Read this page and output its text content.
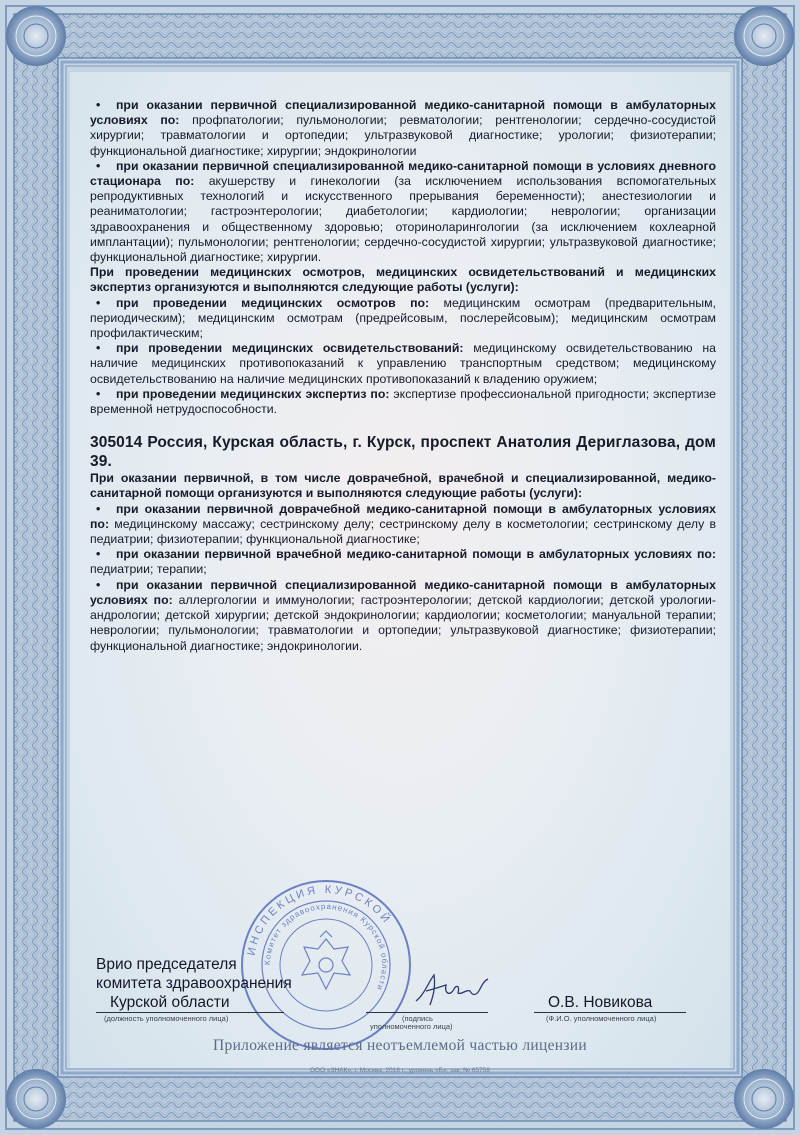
• при оказании первичной специализированной медико-санитарной помощи в амбулаторных условиях по: профпатологии; пульмонологии; ревматологии; рентгенологии; сердечно-сосудистой хирургии; травматологии и ортопедии; ультразвуковой диагностике; урологии; физиотерапии; функциональной диагностике; хирургии; эндокринологии

• при оказании первичной специализированной медико-санитарной помощи в условиях дневного стационара по: акушерству и гинекологии (за исключением использования вспомогательных репродуктивных технологий и искусственного прерывания беременности); анестезиологии и реаниматологии; гастроэнтерологии; диабетологии; кардиологии; неврологии; организации здравоохранения и общественному здоровью; оториноларингологии (за исключением кохлеарной имплантации); пульмонологии; рентгенологии; сердечно-сосудистой хирургии; ультразвуковой диагностике; функциональной диагностике; хирургии.

При проведении медицинских осмотров, медицинских освидетельствований и медицинских экспертиз организуются и выполняются следующие работы (услуги):

• при проведении медицинских осмотров по: медицинским осмотрам (предварительным, периодическим); медицинским осмотрам (предрейсовым, послерейсовым); медицинским осмотрам профилактическим;

• при проведении медицинских освидетельствований: медицинскому освидетельствованию на наличие медицинских противопоказаний к управлению транспортным средством; медицинскому освидетельствованию на наличие медицинских противопоказаний к владению оружием;

• при проведении медицинских экспертиз по: экспертизе профессиональной пригодности; экспертизе временной нетрудоспособности.

305014 Россия, Курская область, г. Курск, проспект Анатолия Дериглазова, дом 39.

При оказании первичной, в том числе доврачебной, врачебной и специализированной, медико-санитарной помощи организуются и выполняются следующие работы (услуги):

• при оказании первичной доврачебной медико-санитарной помощи в амбулаторных условиях по: медицинскому массажу; сестринскому делу; сестринскому делу в косметологии; сестринскому делу в педиатрии; физиотерапии; функциональной диагностике;

• при оказании первичной врачебной медико-санитарной помощи в амбулаторных условиях по: педиатрии; терапии;

• при оказании первичной специализированной медико-санитарной помощи в амбулаторных условиях по: аллергологии и иммунологии; гастроэнтерологии; детской кардиологии; детской урологии-андрологии; детской хирургии; детской эндокринологии; кардиологии; косметологии; мануальной терапии; неврологии; пульмонологии; травматологии и ортопедии; ультразвуковой диагностике; физиотерапии; функциональной диагностике; эндокринологии.

ИНСПЕКЦИЯ КУРСКОЙ
Комитет здравоохранения Курской области
Врио председателя
комитета здравоохранения
Курской области
(должность уполномоченного лица)	(подпись
уполномоченного лица)
О.В. Новикова
(Ф.И.О. уполномоченного лица)
Приложение является неотъемлемой частью лицензии
ООО «ЗНАК», г. Москва, 2018 г., уровень «Б», зак. № 65759
